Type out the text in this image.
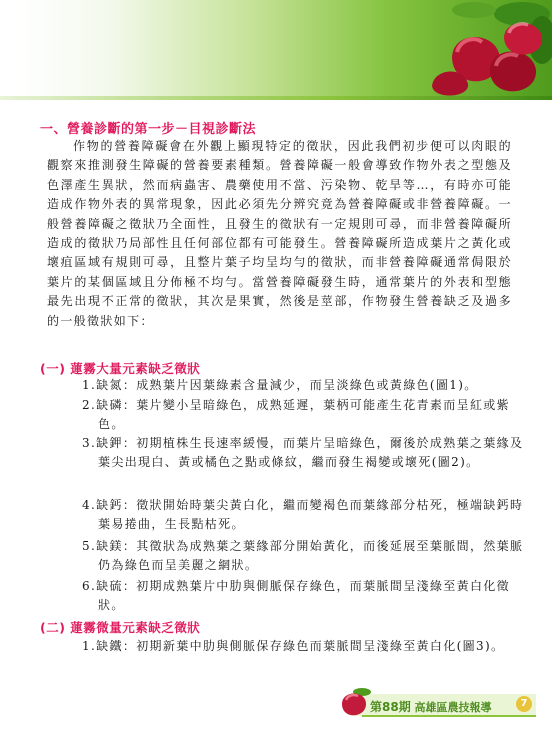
一、營養診斷的第一步－目視診斷法

作物的營養障礙會在外觀上顯現特定的徵狀，因此我們初步便可以肉眼的觀察來推測發生障礙的營養要素種類。營養障礙一般會導致作物外表之型態及色澤產生異狀，然而病蟲害、農藥使用不當、污染物、乾旱等…，有時亦可能造成作物外表的異常現象，因此必須先分辨究竟為營養障礙或非營養障礙。一般營養障礙之徵狀乃全面性，且發生的徵狀有一定規則可尋，而非營養障礙所造成的徵狀乃局部性且任何部位都有可能發生。營養障礙所造成葉片之黃化或壞疽區域有規則可尋，且整片葉子均呈均勻的徵狀，而非營養障礙通常侷限於葉片的某個區域且分佈極不均勻。當營養障礙發生時，通常葉片的外表和型態最先出現不正常的徵狀，其次是果實，然後是莖部，作物發生營養缺乏及過多的一般徵狀如下：

(一) 蓮霧大量元素缺乏徵狀

1.缺氮：成熟葉片因葉綠素含量減少，而呈淡綠色或黃綠色(圖1)。

2.缺磷：葉片變小呈暗綠色，成熟延遲，葉柄可能產生花青素而呈紅或紫色。

3.缺鉀：初期植株生長速率緩慢，而葉片呈暗綠色，爾後於成熟葉之葉緣及葉尖出現白、黃或橘色之點或條紋，繼而發生褐變或壞死(圖2)。

4.缺鈣：徵狀開始時葉尖黃白化，繼而變褐色而葉緣部分枯死，極端缺鈣時葉易捲曲，生長點枯死。

5.缺鎂：其徵狀為成熟葉之葉緣部分開始黃化，而後延展至葉脈間，然葉脈仍為綠色而呈美麗之網狀。

6.缺硫：初期成熟葉片中肋與側脈保存綠色，而葉脈間呈淺綠至黃白化徵狀。

(二) 蓮霧微量元素缺乏徵狀

1.缺鐵：初期新葉中肋與側脈保存綠色而葉脈間呈淺綠至黃白化(圖3)。

第88期 高雄區農技報導	7
